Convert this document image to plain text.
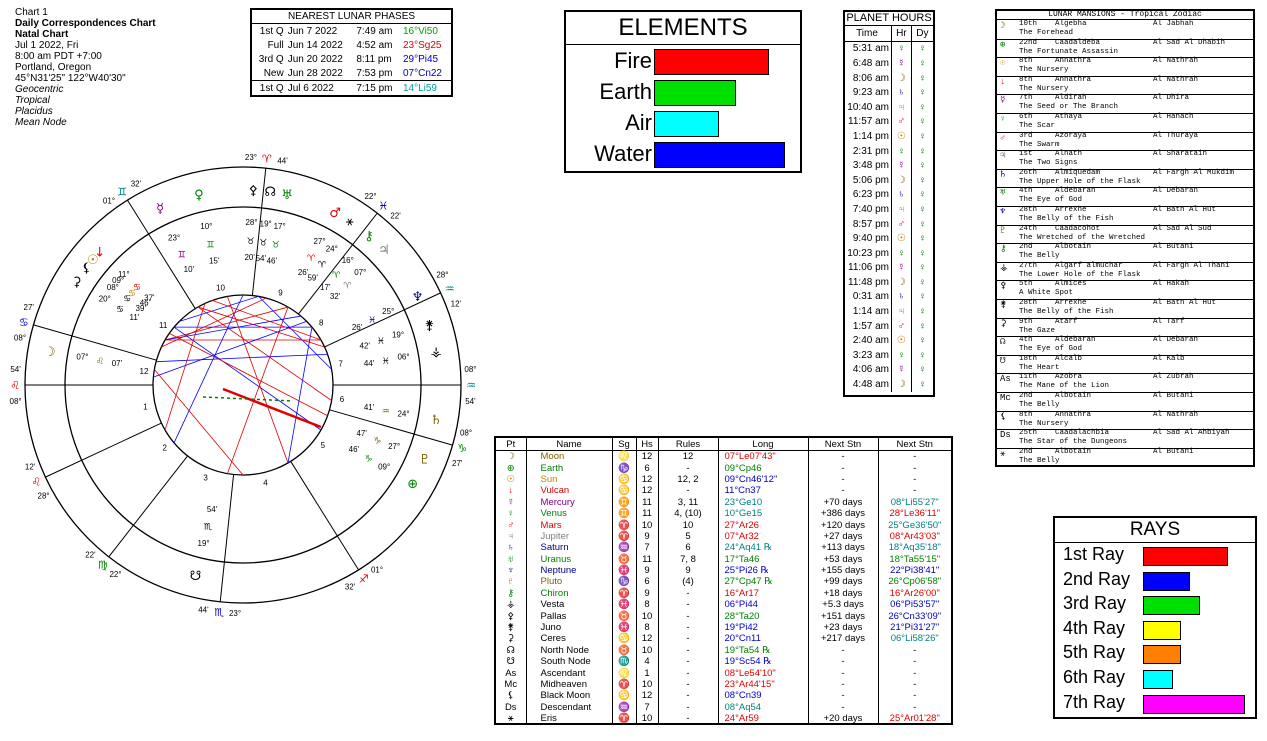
Chart 1
Daily Correspondences Chart
Natal Chart
Jul 1 2022, Fri
8:00 am PDT +7:00
Portland, Oregon
45°N31'25" 122°W40'30"
Geocentric
Tropical
Placidus
Mean Node
NEAREST LUNAR PHASES
1st Q	Jun 7 2022	7:49 am	16°Vi50
Full	Jun 14 2022	4:52 am	23°Sg25
3rd Q	Jun 20 2022	8:11 pm	29°Pi45
New	Jun 28 2022	7:53 pm	07°Cn22
1st Q	Jul 6 2022	7:15 pm	14°Li59
ELEMENTS
Fire
Earth
Air
Water
PLANET HOURS
Time	Hr	Dy
5:31 am	♀	♀
6:48 am	☿	♀
8:06 am	☽	♀
9:23 am	♄	♀
10:40 am	♃	♀
11:57 am	♂	♀
1:14 pm	☉	♀
2:31 pm	♀	♀
3:48 pm	☿	♀
5:06 pm	☽	♀
6:23 pm	♄	♀
7:40 pm	♃	♀
8:57 pm	♂	♀
9:40 pm	☉	♀
10:23 pm	♀	♀
11:06 pm	☿	♀
11:48 pm	☽	♀
0:31 am	♄	♀
1:14 am	♃	♀
1:57 am	♂	♀
2:40 am	☉	♀
3:23 am	♀	♀
4:06 am	☿	♀
4:48 am	☽	♀
LUNAR MANSIONS - Tropical Zodiac
☽ 10th Algebha	Al Jabhah
The Forehead
⊕ 22nd Caadaldeba	Al Sad Al Dhabih
The Fortunate Assassin
☉ 8th	Annathra	Al Nathrah
The Nursery
↓ 8th	Annathra	Al Nathrah
The Nursery
☿ 7th	Aldirah	Al Dhira
The Seed or The Branch
♀ 6th	Athaya	Al Hanach
The Scar
♂ 3rd	Azoraya	Al Thuraya
The Swarm
♃ 1st	Alnath	Al Sharatain
The Two Signs
♄ 26th Almiquedam	Al Fargh Al Mukdim
The Upper Hole of the Flask
♅ 4th	Aldebaran	Al Debaran
The Eye of God
♆ 28th Arrexhe	Al Batn Al Hut
The Belly of the Fish
♇ 24th Caadacohot	Al Sad Al Sud
The Wretched of the Wretched
⚷ 2nd	Albotain	Al Butani
The Belly
⚶ 27th Algarf almuchar	Al Fargh Al Thani
The Lower Hole of the Flask
⚴ 5th	Almices	Al Hakah
A White Spot
⚵ 28th Arrexhe	Al Batn Al Hut
The Belly of the Fish
⚳ 9th	Atarf	Al Tarf
The Gaze
☊ 4th	Aldebaran	Al Debaran
The Eye of God
☋ 18th Alcalb	Al Kalb
The Heart
As 11th Azobra	Al Zubrah
The Mane of the Lion
Mc 2nd	Albotain	Al Butani
The Belly
⚸ 8th	Annathra	Al Nathrah
The Nursery
Ds 25th Caadalachbia	Al Sad Al Ahbiyah
The Star of the Dungeons
⚹ 2nd	Albotain	Al Butani
The Belly
RAYS
1st Ray
2nd Ray
3rd Ray
4th Ray
5th Ray
6th Ray
7th Ray
Pt	Name	Sg	Hs	Rules	Long	Next Stn	Next Stn
☽	Moon	♌	12	12	07°Le07'43"	-	-
⊕	Earth	♑	6	-	09°Cp46	-	-
☉	Sun	♋	12	12, 2	09°Cn46'12"	-	-
↓	Vulcan	♋	12	-	11°Cn37	-	-
☿	Mercury	♊	11	3, 11	23°Ge10	+70 days	08°Li55'27"
♀	Venus	♊	11	4, (10)	10°Ge15	+386 days	28°Le36'11"
♂	Mars	♈	10	10	27°Ar26	+120 days	25°Ge36'50"
♃	Jupiter	♈	9	5	07°Ar32	+27 days	08°Ar43'03"
♄	Saturn	♒	7	6	24°Aq41 ℞	+113 days	18°Aq35'18"
♅	Uranus	♉	11	7, 8	17°Ta46	+53 days	18°Ta55'15"
♆	Neptune	♓	9	9	25°Pi26 ℞	+155 days	22°Pi38'41"
♇	Pluto	♑	6	(4)	27°Cp47 ℞	+99 days	26°Cp06'58"
⚷	Chiron	♈	9	-	16°Ar17	+18 days	16°Ar26'00"
⚶	Vesta	♓	8	-	06°Pi44	+5.3 days	06°Pi53'57"
⚴	Pallas	♉	10	-	28°Ta20	+151 days	26°Cn33'09"
⚵	Juno	♓	8	-	19°Pi42	+23 days	21°Pi31'27"
⚳	Ceres	♋	12	-	20°Cn11	+217 days	06°Li58'26"
☊	North Node	♉	10	-	19°Ta54 ℞	-	-
☋	South Node	♏	4	-	19°Sc54 ℞	-	-
As	Ascendant	♌	1	-	08°Le54'10"	-	-
Mc	Midheaven	♈	10	-	23°Ar44'15"	-	-
⚸	Black Moon	♋	12	-	08°Cn39	-	-
Ds	Descendant	♒	7	-	08°Aq54	-	-
⚹	Eris	♈	10	-	24°Ar59	+20 days	25°Ar01'28"
1
2
3
4
5
6
7
8
9
10
11
12
08°
♌
54'
28°
♌
12'
22°
♍
22'
23°
♏
44'
01°
♐
32'
08°
♑
27'
08°
♒
54'
28°
♒
12'
22°
♓
22'
23° ♈ 44'
01°
♊
32'
08°
♋
27'
☽	07° ♌ 07'
⚳
20°
♋
11'
⚸
08°
♋
39'
☉
09°
♋
46'
↓
11°
♋
37'
☿
23°
♊
10'
♀
10°
♊
15'
⚴
28°
♉
20'
☊
19°
♉
54'
♅
17°
♉
46'
♂
27°
♈
26'
⚹
24°
♈
59'
⚷
16°
♈
17'
♃
07°
♈
32'	♆
25°
♓
26'	⚵
19°
♓
42'	⚶
06°
♓
44'
♄
24°
♒
41'
♇
27°
♑
47'
⊕
09°
♑
46'
☋
19°
♏
54'
